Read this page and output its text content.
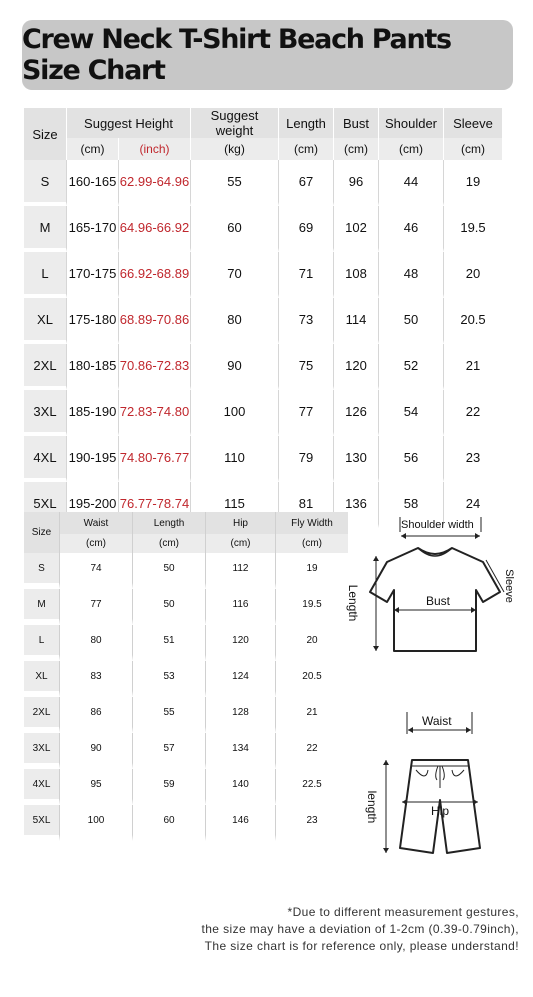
Crew Neck T-Shirt Beach Pants Size Chart
Size	Suggest Height		Suggest weight	Length	Bust	Shoulder	Sleeve
	(cm)	(inch)	(kg)	(cm)	(cm)	(cm)	(cm)
S	160-165	62.99-64.96	55	67	96	44	19
M	165-170	64.96-66.92	60	69	102	46	19.5
L	170-175	66.92-68.89	70	71	108	48	20
XL	175-180	68.89-70.86	80	73	114	50	20.5
2XL	180-185	70.86-72.83	90	75	120	52	21
3XL	185-190	72.83-74.80	100	77	126	54	22
4XL	190-195	74.80-76.77	110	79	130	56	23
5XL	195-200	76.77-78.74	115	81	136	58	24
Size	Waist	Length	Hip	Fly Width
	(cm)	(cm)	(cm)	(cm)
S	74	50	112	19
M	77	50	116	19.5
L	80	51	120	20
XL	83	53	124	20.5
2XL	86	55	128	21
3XL	90	57	134	22
4XL	95	59	140	22.5
5XL	100	60	146	23
Shoulder width
Bust
Length	Sleeve
Waist
Hip
length
*Due to different measurement gestures,
the size may have a deviation of 1-2cm (0.39-0.79inch),
The size chart is for reference only, please understand!
